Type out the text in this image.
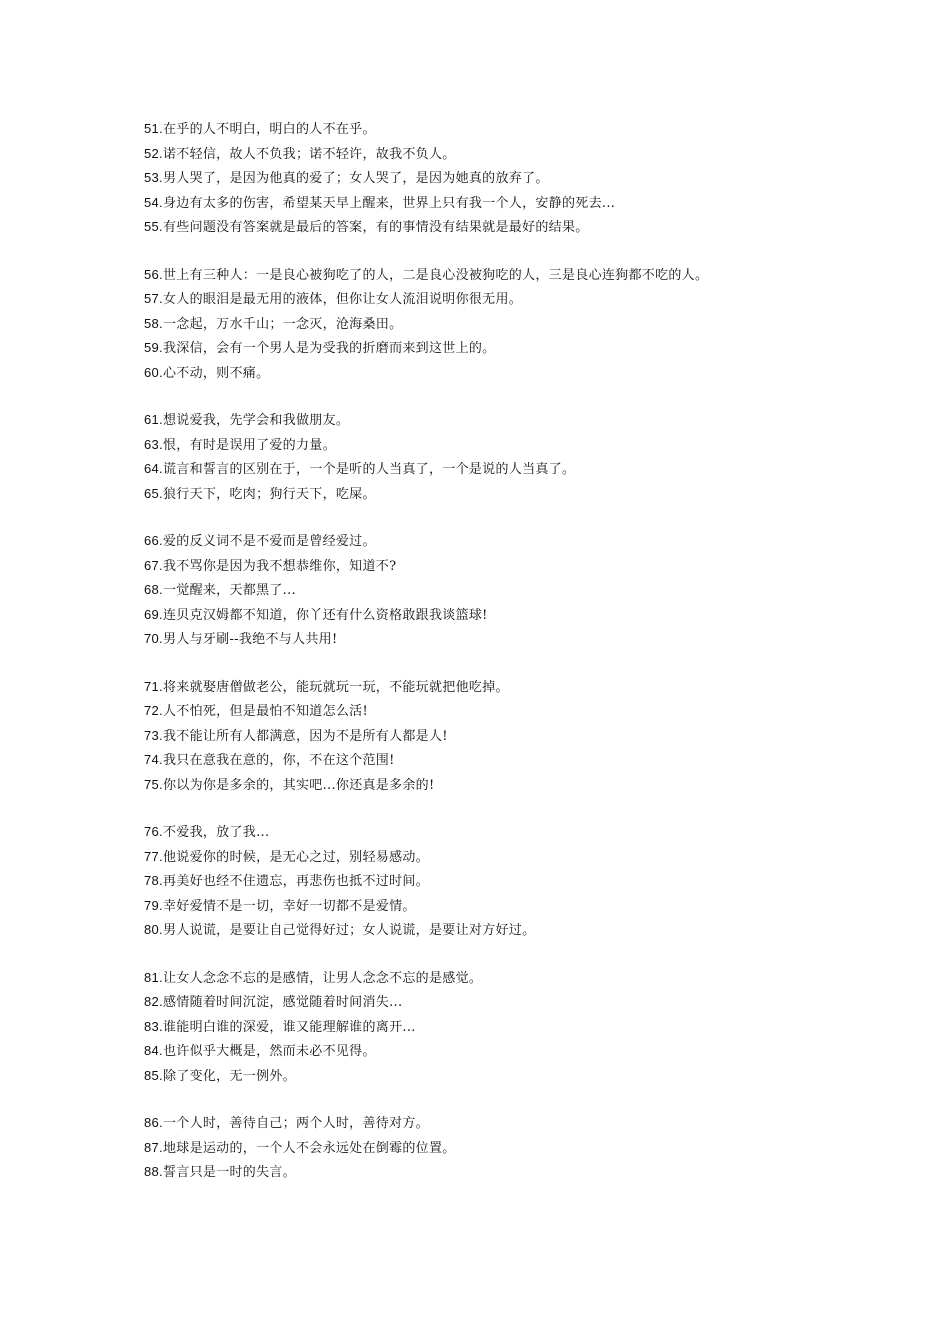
51.在乎的人不明白，明白的人不在乎。
52.诺不轻信，故人不负我；诺不轻许，故我不负人。
53.男人哭了，是因为他真的爱了；女人哭了，是因为她真的放弃了。
54.身边有太多的伤害，希望某天早上醒来，世界上只有我一个人，安静的死去...
55.有些问题没有答案就是最后的答案，有的事情没有结果就是最好的结果。
56.世上有三种人：一是良心被狗吃了的人，二是良心没被狗吃的人，三是良心连狗都不吃的人。
57.女人的眼泪是最无用的液体，但你让女人流泪说明你很无用。
58.一念起，万水千山；一念灭，沧海桑田。
59.我深信，会有一个男人是为受我的折磨而来到这世上的。
60.心不动，则不痛。
61.想说爱我，先学会和我做朋友。
63.恨，有时是误用了爱的力量。
64.谎言和誓言的区别在于，一个是听的人当真了，一个是说的人当真了。
65.狼行天下，吃肉；狗行天下，吃屎。
66.爱的反义词不是不爱而是曾经爱过。
67.我不骂你是因为我不想恭维你，知道不?
68.一觉醒来，天都黑了...
69.连贝克汉姆都不知道，你丫还有什么资格敢跟我谈篮球!
70.男人与牙刷--我绝不与人共用!
71.将来就娶唐僧做老公，能玩就玩一玩，不能玩就把他吃掉。
72.人不怕死，但是最怕不知道怎么活!
73.我不能让所有人都满意，因为不是所有人都是人!
74.我只在意我在意的，你，不在这个范围!
75.你以为你是多余的，其实吧...你还真是多余的!
76.不爱我，放了我...
77.他说爱你的时候，是无心之过，别轻易感动。
78.再美好也经不住遗忘，再悲伤也抵不过时间。
79.幸好爱情不是一切，幸好一切都不是爱情。
80.男人说谎，是要让自己觉得好过；女人说谎，是要让对方好过。
81.让女人念念不忘的是感情，让男人念念不忘的是感觉。
82.感情随着时间沉淀，感觉随着时间消失...
83.谁能明白谁的深爱，谁又能理解谁的离开...
84.也许似乎大概是，然而未必不见得。
85.除了变化，无一例外。
86.一个人时，善待自己；两个人时，善待对方。
87.地球是运动的，一个人不会永远处在倒霉的位置。
88.誓言只是一时的失言。
